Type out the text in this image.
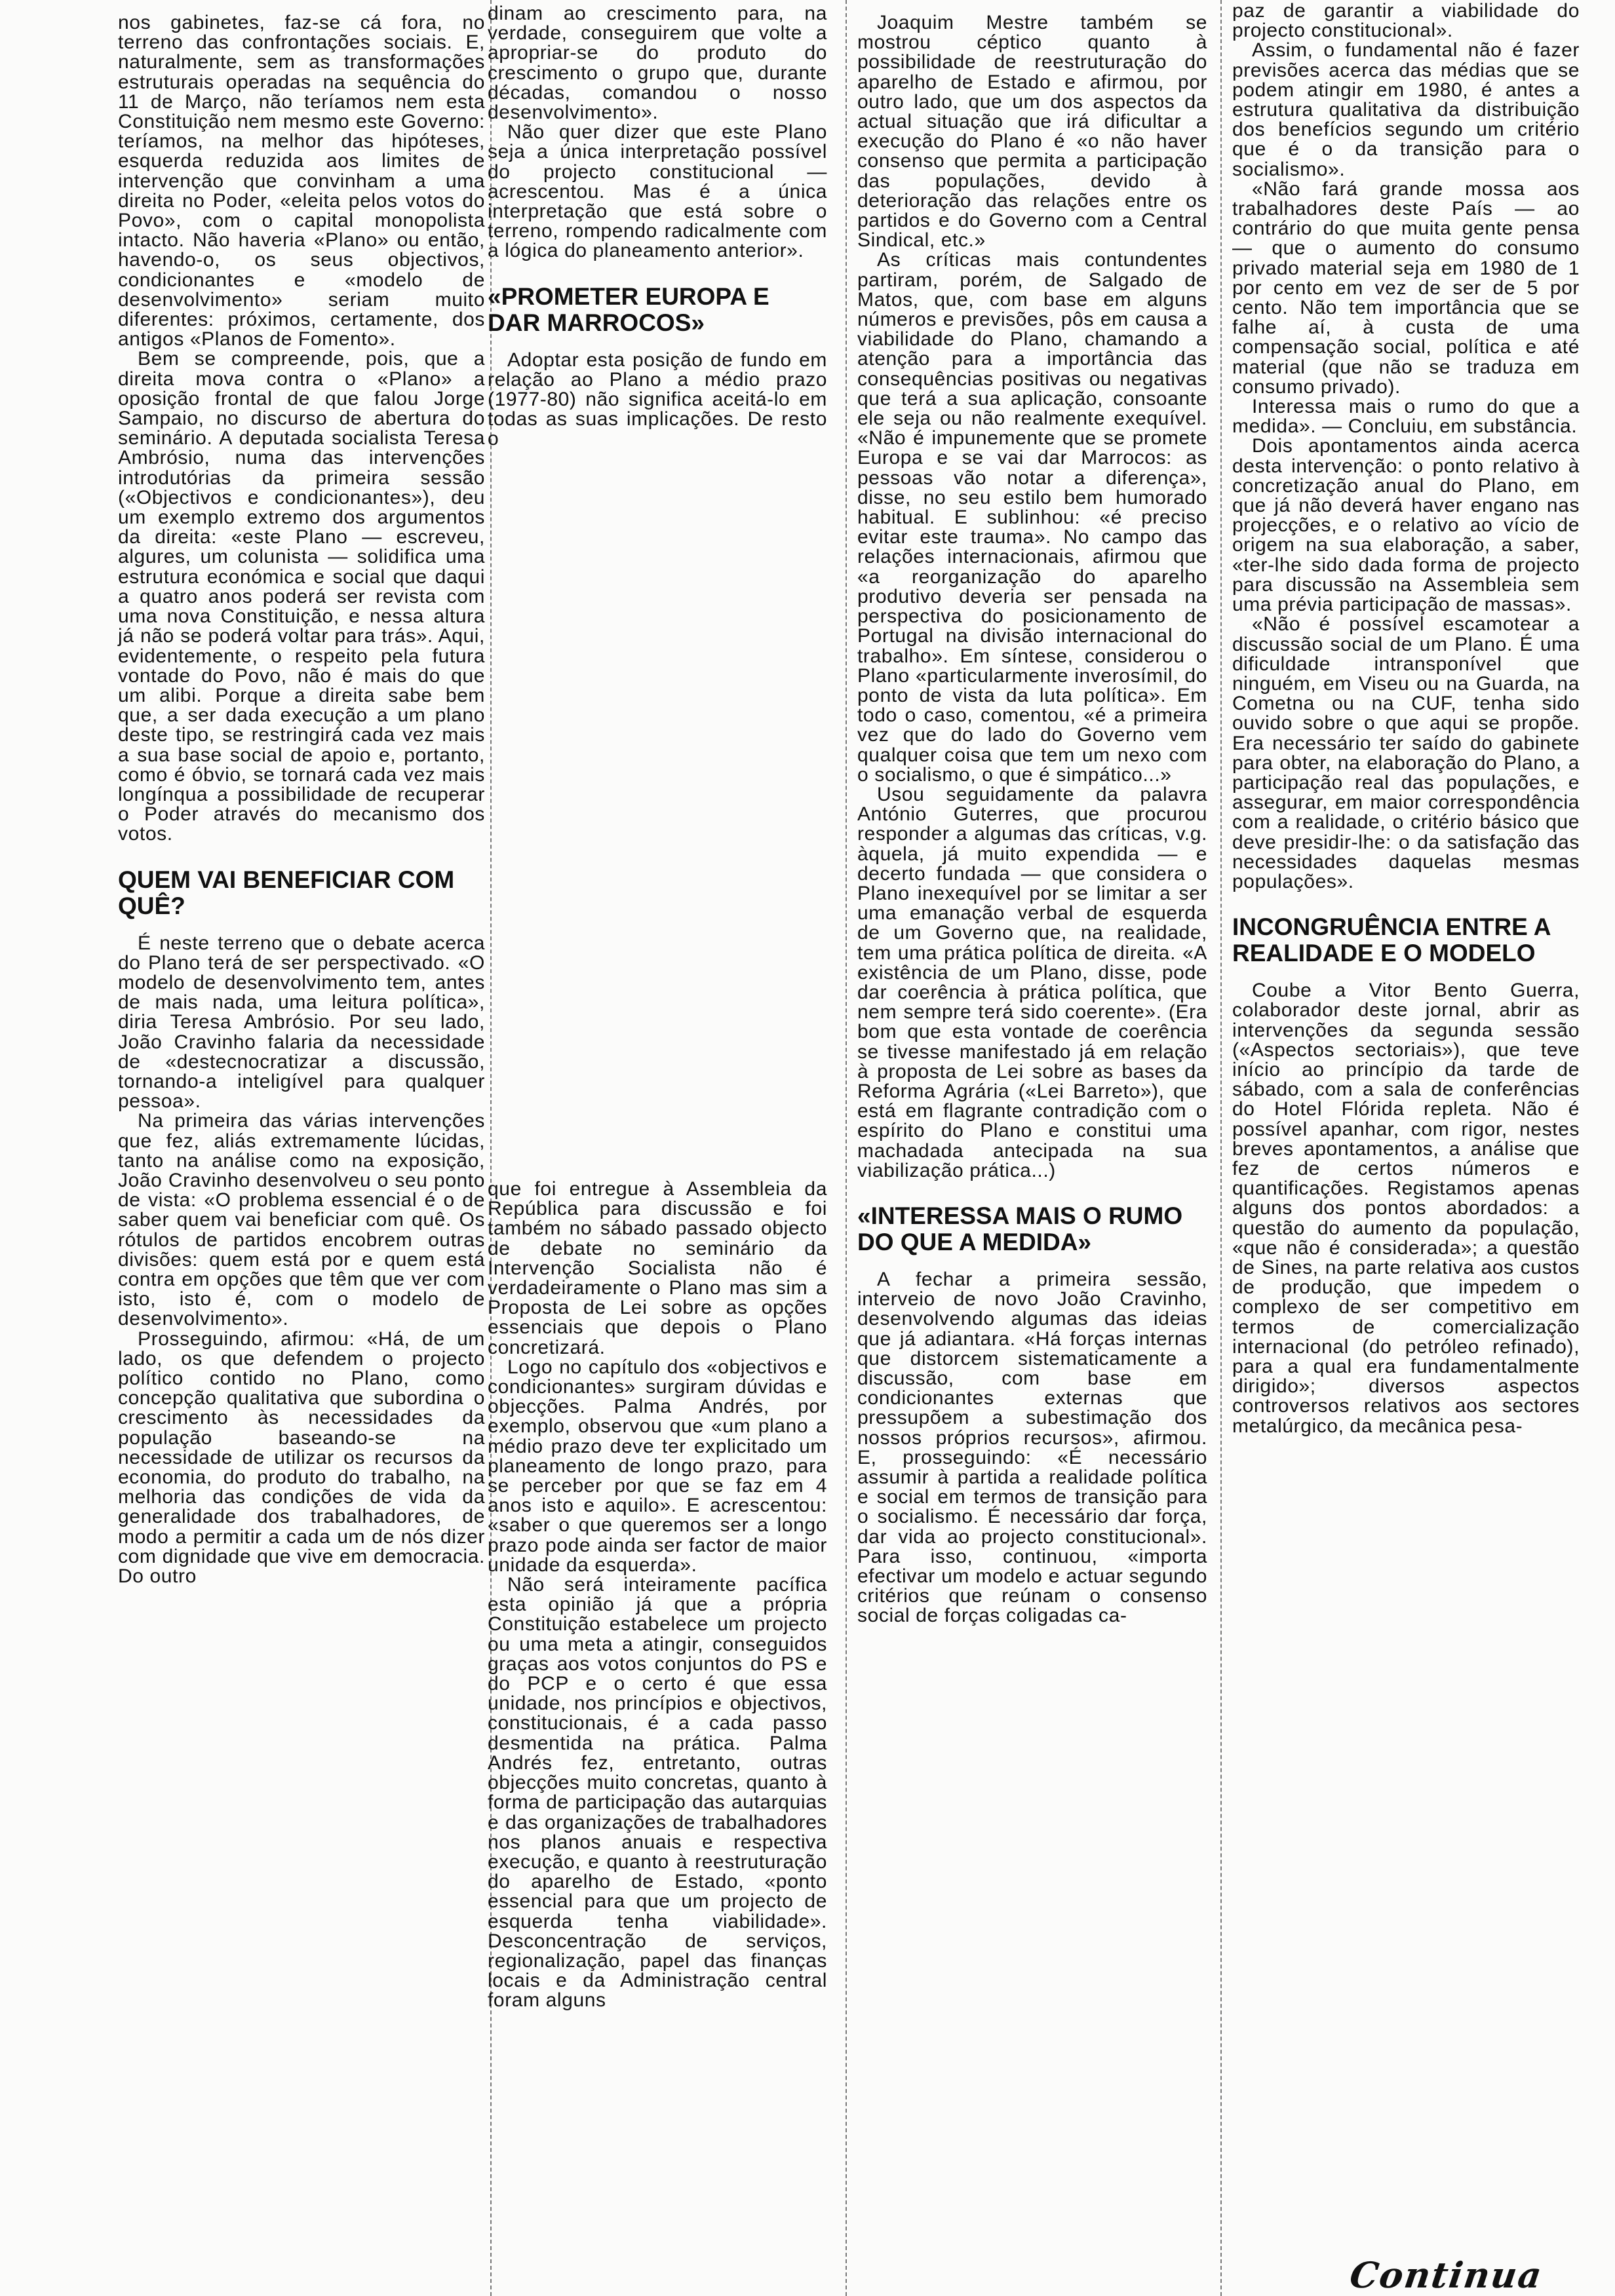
nos gabinetes, faz-se cá fora, no terreno das confrontações sociais. E, naturalmente, sem as transformações estruturais operadas na sequência do 11 de Março, não teríamos nem esta Constituição nem mesmo este Governo: teríamos, na melhor das hipóteses, esquerda reduzida aos limites de intervenção que convinham a uma direita no Poder, «eleita pelos votos do Povo», com o capital monopolista intacto. Não haveria «Plano» ou então, havendo-o, os seus objectivos, condicionantes e «modelo de desenvolvimento» seriam muito diferentes: próximos, certamente, dos antigos «Planos de Fomento».

Bem se compreende, pois, que a direita mova contra o «Plano» a oposição frontal de que falou Jorge Sampaio, no discurso de abertura do seminário. A deputada socialista Teresa Ambrósio, numa das intervenções introdutórias da primeira sessão («Objectivos e condicionantes»), deu um exemplo extremo dos argumentos da direita: «este Plano — escreveu, algures, um colunista — solidifica uma estrutura económica e social que daqui a quatro anos poderá ser revista com uma nova Constituição, e nessa altura já não se poderá voltar para trás». Aqui, evidentemente, o respeito pela futura vontade do Povo, não é mais do que um alibi. Porque a direita sabe bem que, a ser dada execução a um plano deste tipo, se restringirá cada vez mais a sua base social de apoio e, portanto, como é óbvio, se tornará cada vez mais longínqua a possibilidade de recuperar o Poder através do mecanismo dos votos.

QUEM VAI BENEFICIAR COM QUÊ?

É neste terreno que o debate acerca do Plano terá de ser perspectivado. «O modelo de desenvolvimento tem, antes de mais nada, uma leitura política», diria Teresa Ambrósio. Por seu lado, João Cravinho falaria da necessidade de «destecnocratizar a discussão, tornando-a inteligível para qualquer pessoa».

Na primeira das várias intervenções que fez, aliás extremamente lúcidas, tanto na análise como na exposição, João Cravinho desenvolveu o seu ponto de vista: «O problema essencial é o de saber quem vai beneficiar com quê. Os rótulos de partidos encobrem outras divisões: quem está por e quem está contra em opções que têm que ver com isto, isto é, com o modelo de desenvolvimento».

Prosseguindo, afirmou: «Há, de um lado, os que defendem o projecto político contido no Plano, como concepção qualitativa que subordina o crescimento às necessidades da população baseando-se na necessidade de utilizar os recursos da economia, do produto do trabalho, na melhoria das condições de vida da generalidade dos trabalhadores, de modo a permitir a cada um de nós dizer com dignidade que vive em democracia. Do outro

dinam ao crescimento para, na verdade, conseguirem que volte a apropriar-se do produto do crescimento o grupo que, durante décadas, comandou o nosso desenvolvimento».

Não quer dizer que este Plano seja a única interpretação possível do projecto constitucional — acrescentou. Mas é a única interpretação que está sobre o terreno, rompendo radicalmente com a lógica do planeamento anterior».

«PROMETER EUROPA E DAR MARROCOS»

Adoptar esta posição de fundo em relação ao Plano a médio prazo (1977-80) não significa aceitá-lo em todas as suas implicações. De resto o

que foi entregue à Assembleia da República para discussão e foi também no sábado passado objecto de debate no seminário da Intervenção Socialista não é verdadeiramente o Plano mas sim a Proposta de Lei sobre as opções essenciais que depois o Plano concretizará.

Logo no capítulo dos «objectivos e condicionantes» surgiram dúvidas e objecções. Palma Andrés, por exemplo, observou que «um plano a médio prazo deve ter explicitado um planeamento de longo prazo, para se perceber por que se faz em 4 anos isto e aquilo». E acrescentou: «saber o que queremos ser a longo prazo pode ainda ser factor de maior unidade da esquerda».

Não será inteiramente pacífica esta opinião já que a própria Constituição estabelece um projecto ou uma meta a atingir, conseguidos graças aos votos conjuntos do PS e do PCP e o certo é que essa unidade, nos princípios e objectivos, constitucionais, é a cada passo desmentida na prática. Palma Andrés fez, entretanto, outras objecções muito concretas, quanto à forma de participação das autarquias e das organizações de trabalhadores nos planos anuais e respectiva execução, e quanto à reestruturação do aparelho de Estado, «ponto essencial para que um projecto de esquerda tenha viabilidade». Desconcentração de serviços, regionalização, papel das finanças locais e da Administração central foram alguns

Joaquim Mestre também se mostrou céptico quanto à possibilidade de reestruturação do aparelho de Estado e afirmou, por outro lado, que um dos aspectos da actual situação que irá dificultar a execução do Plano é «o não haver consenso que permita a participação das populações, devido à deterioração das relações entre os partidos e do Governo com a Central Sindical, etc.»

As críticas mais contundentes partiram, porém, de Salgado de Matos, que, com base em alguns números e previsões, pôs em causa a viabilidade do Plano, chamando a atenção para a importância das consequências positivas ou negativas que terá a sua aplicação, consoante ele seja ou não realmente exequível. «Não é impunemente que se promete Europa e se vai dar Marrocos: as pessoas vão notar a diferença», disse, no seu estilo bem humorado habitual. E sublinhou: «é preciso evitar este trauma». No campo das relações internacionais, afirmou que «a reorganização do aparelho produtivo deveria ser pensada na perspectiva do posicionamento de Portugal na divisão internacional do trabalho». Em síntese, considerou o Plano «particularmente inverosímil, do ponto de vista da luta política». Em todo o caso, comentou, «é a primeira vez que do lado do Governo vem qualquer coisa que tem um nexo com o socialismo, o que é simpático...»

Usou seguidamente da palavra António Guterres, que procurou responder a algumas das críticas, v.g. àquela, já muito expendida — e decerto fundada — que considera o Plano inexequível por se limitar a ser uma emanação verbal de esquerda de um Governo que, na realidade, tem uma prática política de direita. «A existência de um Plano, disse, pode dar coerência à prática política, que nem sempre terá sido coerente». (Era bom que esta vontade de coerência se tivesse manifestado já em relação à proposta de Lei sobre as bases da Reforma Agrária («Lei Barreto»), que está em flagrante contradição com o espírito do Plano e constitui uma machadada antecipada na sua viabilização prática...)

«INTERESSA MAIS O RUMO DO QUE A MEDIDA»

A fechar a primeira sessão, interveio de novo João Cravinho, desenvolvendo algumas das ideias que já adiantara. «Há forças internas que distorcem sistematicamente a discussão, com base em condicionantes externas que pressupõem a subestimação dos nossos próprios recursos», afirmou. E, prosseguindo: «É necessário assumir à partida a realidade política e social em termos de transição para o socialismo. É necessário dar força, dar vida ao projecto constitucional». Para isso, continuou, «importa efectivar um modelo e actuar segundo critérios que reúnam o consenso social de forças coligadas ca-

paz de garantir a viabilidade do projecto constitucional».

Assim, o fundamental não é fazer previsões acerca das médias que se podem atingir em 1980, é antes a estrutura qualitativa da distribuição dos benefícios segundo um critério que é o da transição para o socialismo».

«Não fará grande mossa aos trabalhadores deste País — ao contrário do que muita gente pensa — que o aumento do consumo privado material seja em 1980 de 1 por cento em vez de ser de 5 por cento. Não tem importância que se falhe aí, à custa de uma compensação social, política e até material (que não se traduza em consumo privado).

Interessa mais o rumo do que a medida». — Concluiu, em substância.

Dois apontamentos ainda acerca desta intervenção: o ponto relativo à concretização anual do Plano, em que já não deverá haver engano nas projecções, e o relativo ao vício de origem na sua elaboração, a saber, «ter-lhe sido dada forma de projecto para discussão na Assembleia sem uma prévia participação de massas».

«Não é possível escamotear a discussão social de um Plano. É uma dificuldade intransponível que ninguém, em Viseu ou na Guarda, na Cometna ou na CUF, tenha sido ouvido sobre o que aqui se propõe. Era necessário ter saído do gabinete para obter, na elaboração do Plano, a participação real das populações, e assegurar, em maior correspondência com a realidade, o critério básico que deve presidir-lhe: o da satisfação das necessidades daquelas mesmas populações».

INCONGRUÊNCIA ENTRE A REALIDADE E O MODELO

Coube a Vitor Bento Guerra, colaborador deste jornal, abrir as intervenções da segunda sessão («Aspectos sectoriais»), que teve início ao princípio da tarde de sábado, com a sala de conferências do Hotel Flórida repleta. Não é possível apanhar, com rigor, nestes breves apontamentos, a análise que fez de certos números e quantificações. Registamos apenas alguns dos pontos abordados: a questão do aumento da população, «que não é considerada»; a questão de Sines, na parte relativa aos custos de produção, que impedem o complexo de ser competitivo em termos de comercialização internacional (do petróleo refinado), para a qual era fundamentalmente dirigido»; diversos aspectos controversos relativos aos sectores metalúrgico, da mecânica pesa-

Continua
